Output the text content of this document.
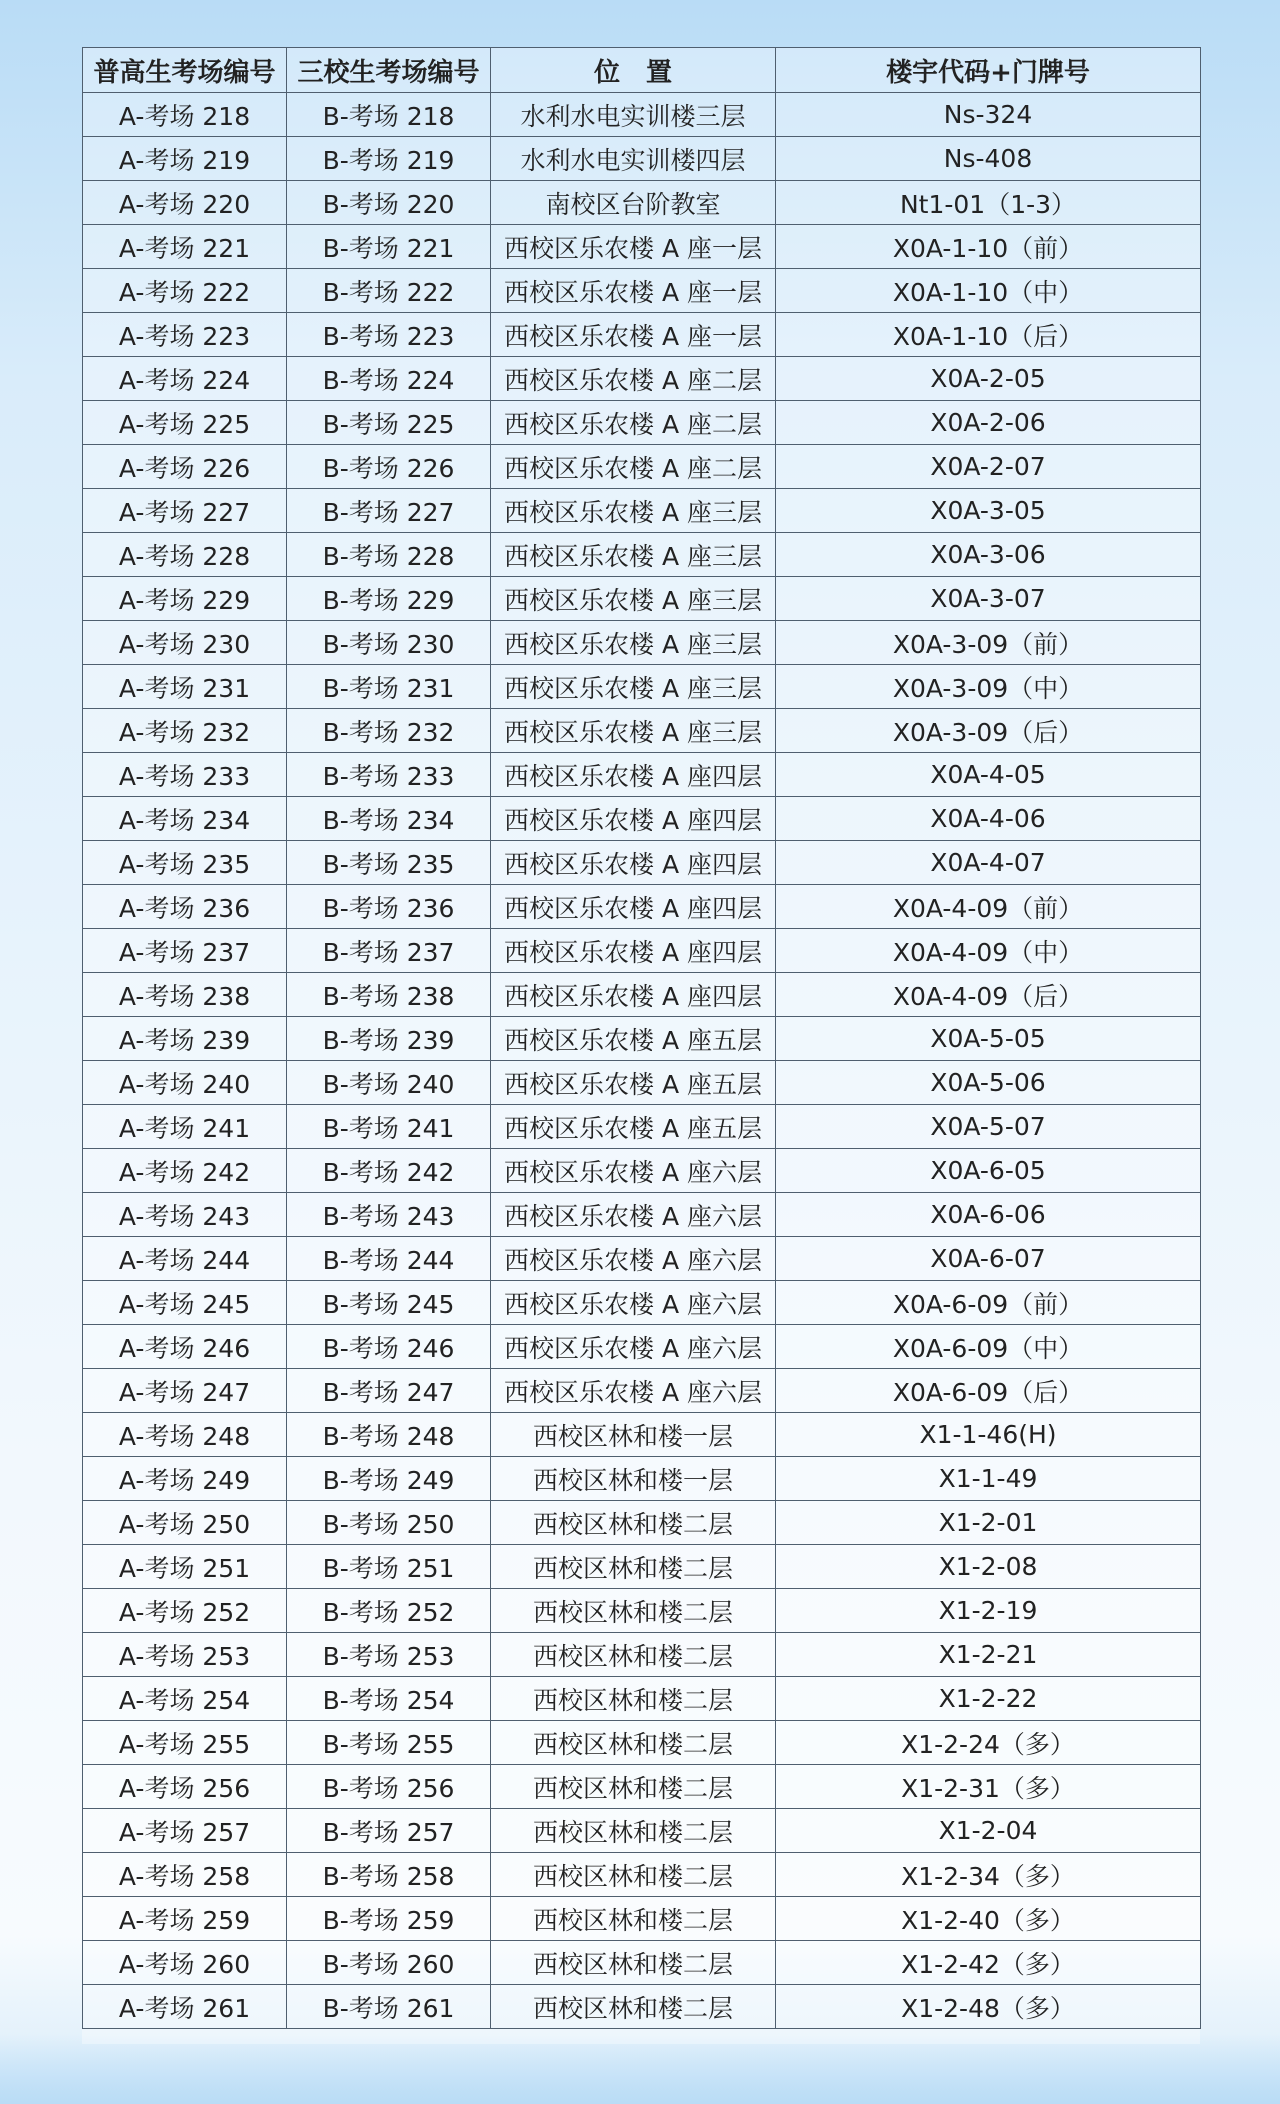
普高生考场编号	三校生考场编号	位　置	楼宇代码+门牌号
A-考场 218	B-考场 218	水利水电实训楼三层	Ns-324
A-考场 219	B-考场 219	水利水电实训楼四层	Ns-408
A-考场 220	B-考场 220	南校区台阶教室	Nt1-01（1-3）
A-考场 221	B-考场 221	西校区乐农楼 A 座一层	X0A-1-10（前）
A-考场 222	B-考场 222	西校区乐农楼 A 座一层	X0A-1-10（中）
A-考场 223	B-考场 223	西校区乐农楼 A 座一层	X0A-1-10（后）
A-考场 224	B-考场 224	西校区乐农楼 A 座二层	X0A-2-05
A-考场 225	B-考场 225	西校区乐农楼 A 座二层	X0A-2-06
A-考场 226	B-考场 226	西校区乐农楼 A 座二层	X0A-2-07
A-考场 227	B-考场 227	西校区乐农楼 A 座三层	X0A-3-05
A-考场 228	B-考场 228	西校区乐农楼 A 座三层	X0A-3-06
A-考场 229	B-考场 229	西校区乐农楼 A 座三层	X0A-3-07
A-考场 230	B-考场 230	西校区乐农楼 A 座三层	X0A-3-09（前）
A-考场 231	B-考场 231	西校区乐农楼 A 座三层	X0A-3-09（中）
A-考场 232	B-考场 232	西校区乐农楼 A 座三层	X0A-3-09（后）
A-考场 233	B-考场 233	西校区乐农楼 A 座四层	X0A-4-05
A-考场 234	B-考场 234	西校区乐农楼 A 座四层	X0A-4-06
A-考场 235	B-考场 235	西校区乐农楼 A 座四层	X0A-4-07
A-考场 236	B-考场 236	西校区乐农楼 A 座四层	X0A-4-09（前）
A-考场 237	B-考场 237	西校区乐农楼 A 座四层	X0A-4-09（中）
A-考场 238	B-考场 238	西校区乐农楼 A 座四层	X0A-4-09（后）
A-考场 239	B-考场 239	西校区乐农楼 A 座五层	X0A-5-05
A-考场 240	B-考场 240	西校区乐农楼 A 座五层	X0A-5-06
A-考场 241	B-考场 241	西校区乐农楼 A 座五层	X0A-5-07
A-考场 242	B-考场 242	西校区乐农楼 A 座六层	X0A-6-05
A-考场 243	B-考场 243	西校区乐农楼 A 座六层	X0A-6-06
A-考场 244	B-考场 244	西校区乐农楼 A 座六层	X0A-6-07
A-考场 245	B-考场 245	西校区乐农楼 A 座六层	X0A-6-09（前）
A-考场 246	B-考场 246	西校区乐农楼 A 座六层	X0A-6-09（中）
A-考场 247	B-考场 247	西校区乐农楼 A 座六层	X0A-6-09（后）
A-考场 248	B-考场 248	西校区林和楼一层	X1-1-46(H)
A-考场 249	B-考场 249	西校区林和楼一层	X1-1-49
A-考场 250	B-考场 250	西校区林和楼二层	X1-2-01
A-考场 251	B-考场 251	西校区林和楼二层	X1-2-08
A-考场 252	B-考场 252	西校区林和楼二层	X1-2-19
A-考场 253	B-考场 253	西校区林和楼二层	X1-2-21
A-考场 254	B-考场 254	西校区林和楼二层	X1-2-22
A-考场 255	B-考场 255	西校区林和楼二层	X1-2-24（多）
A-考场 256	B-考场 256	西校区林和楼二层	X1-2-31（多）
A-考场 257	B-考场 257	西校区林和楼二层	X1-2-04
A-考场 258	B-考场 258	西校区林和楼二层	X1-2-34（多）
A-考场 259	B-考场 259	西校区林和楼二层	X1-2-40（多）
A-考场 260	B-考场 260	西校区林和楼二层	X1-2-42（多）
A-考场 261	B-考场 261	西校区林和楼二层	X1-2-48（多）
